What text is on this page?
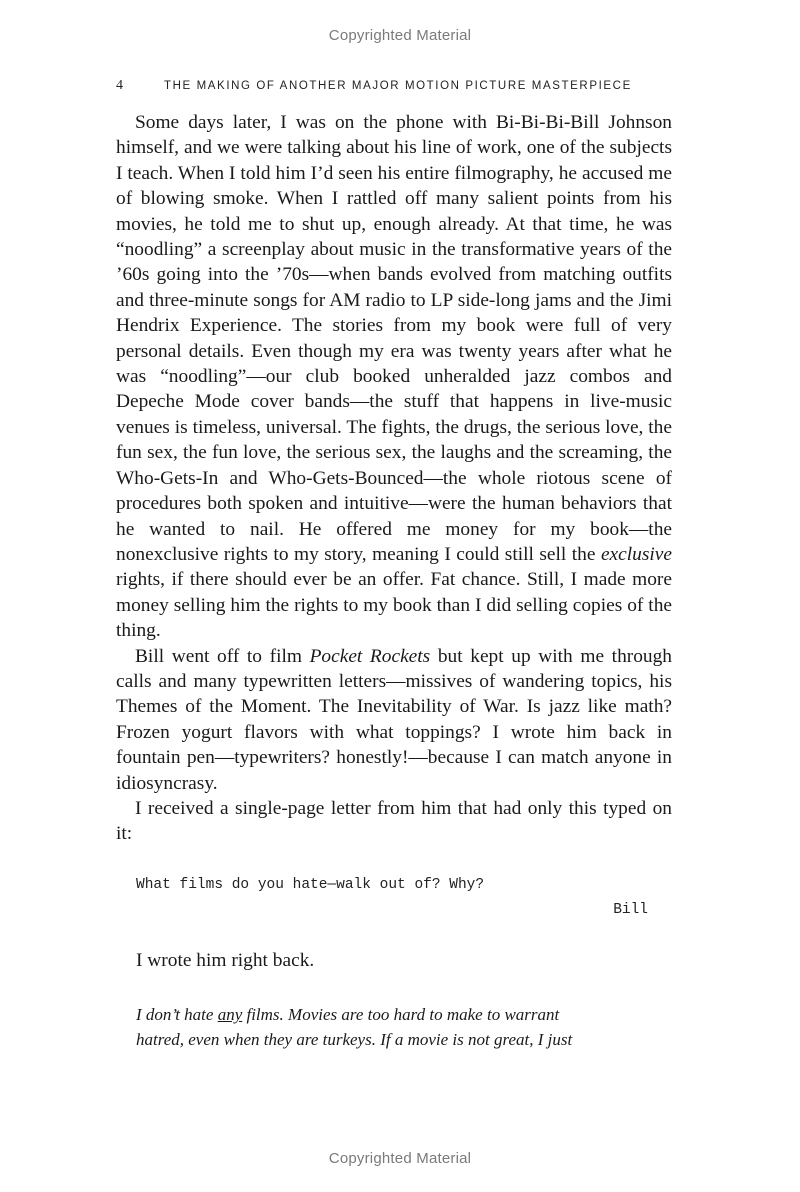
Copyrighted Material
4	THE MAKING OF ANOTHER MAJOR MOTION PICTURE MASTERPIECE

Some days later, I was on the phone with Bi-Bi-Bi-Bill Johnson himself, and we were talking about his line of work, one of the subjects I teach. When I told him I’d seen his entire filmography, he accused me of blowing smoke. When I rattled off many salient points from his movies, he told me to shut up, enough already. At that time, he was “noodling” a screenplay about music in the transformative years of the ’60s going into the ’70s—when bands evolved from matching outfits and three-minute songs for AM radio to LP side-long jams and the Jimi Hendrix Experience. The stories from my book were full of very personal details. Even though my era was twenty years after what he was “noodling”—our club booked unheralded jazz combos and Depeche Mode cover bands—the stuff that happens in live-music venues is timeless, universal. The fights, the drugs, the serious love, the fun sex, the fun love, the serious sex, the laughs and the screaming, the Who-Gets-In and Who-Gets-Bounced—the whole riotous scene of procedures both spoken and intuitive—were the human behaviors that he wanted to nail. He offered me money for my book—the nonexclusive rights to my story, meaning I could still sell the exclusive rights, if there should ever be an offer. Fat chance. Still, I made more money selling him the rights to my book than I did selling copies of the thing.

Bill went off to film Pocket Rockets but kept up with me through calls and many typewritten letters—missives of wandering topics, his Themes of the Moment. The Inevitability of War. Is jazz like math? Frozen yogurt flavors with what toppings? I wrote him back in fountain pen—typewriters? honestly!—because I can match anyone in idiosyncrasy.

I received a single-page letter from him that had only this typed on it:

What films do you hate—walk out of? Why?
Bill
I wrote him right back.
I don’t hate any films. Movies are too hard to make to warrant
hatred, even when they are turkeys. If a movie is not great, I just
Copyrighted Material
